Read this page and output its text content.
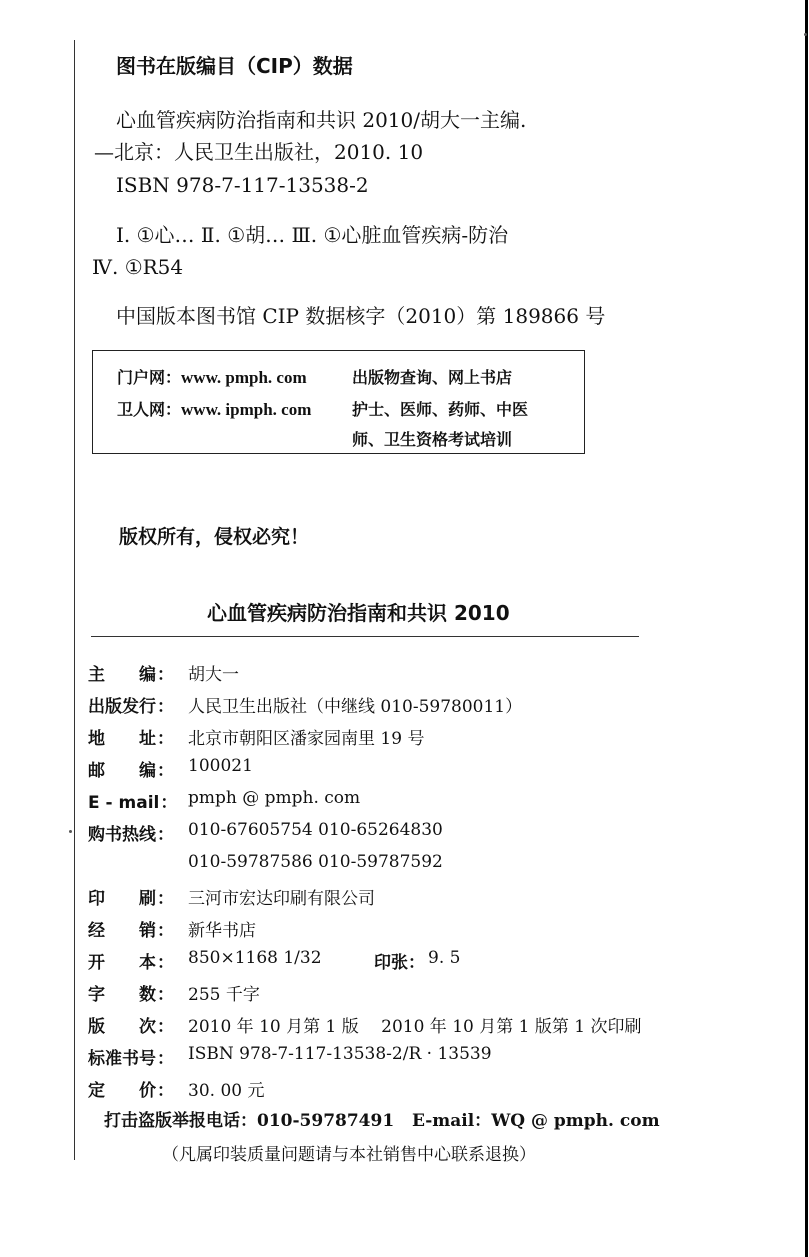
图书在版编目（CIP）数据
心血管疾病防治指南和共识 2010/胡大一主编.
—北京：人民卫生出版社，2010. 10
ISBN 978-7-117-13538-2
Ⅰ. ①心… Ⅱ. ①胡… Ⅲ. ①心脏血管疾病-防治
Ⅳ. ①R54
中国版本图书馆 CIP 数据核字（2010）第 189866 号
门户网：www. pmph. com	出版物查询、网上书店
卫人网：www. ipmph. com	护士、医师、药师、中医
师、卫生资格考试培训
版权所有，侵权必究！
心血管疾病防治指南和共识 2010
主　　编： 胡大一
出版发行： 人民卫生出版社（中继线 010-59780011）
地　　址： 北京市朝阳区潘家园南里 19 号
邮　　编： 100021
E - mail： pmph @ pmph. com
购书热线： 010-67605754 010-65264830
010-59787586 010-59787592
印　　刷： 三河市宏达印刷有限公司
经　　销： 新华书店
开　　本： 850×1168 1/32	印张： 9. 5
字　　数： 255 千字
版　　次： 2010 年 10 月第 1 版　 2010 年 10 月第 1 版第 1 次印刷
标准书号： ISBN 978-7-117-13538-2/R · 13539
定　　价： 30. 00 元
打击盗版举报电话：010-59787491 E-mail：WQ @ pmph. com
（凡属印装质量问题请与本社销售中心联系退换）
